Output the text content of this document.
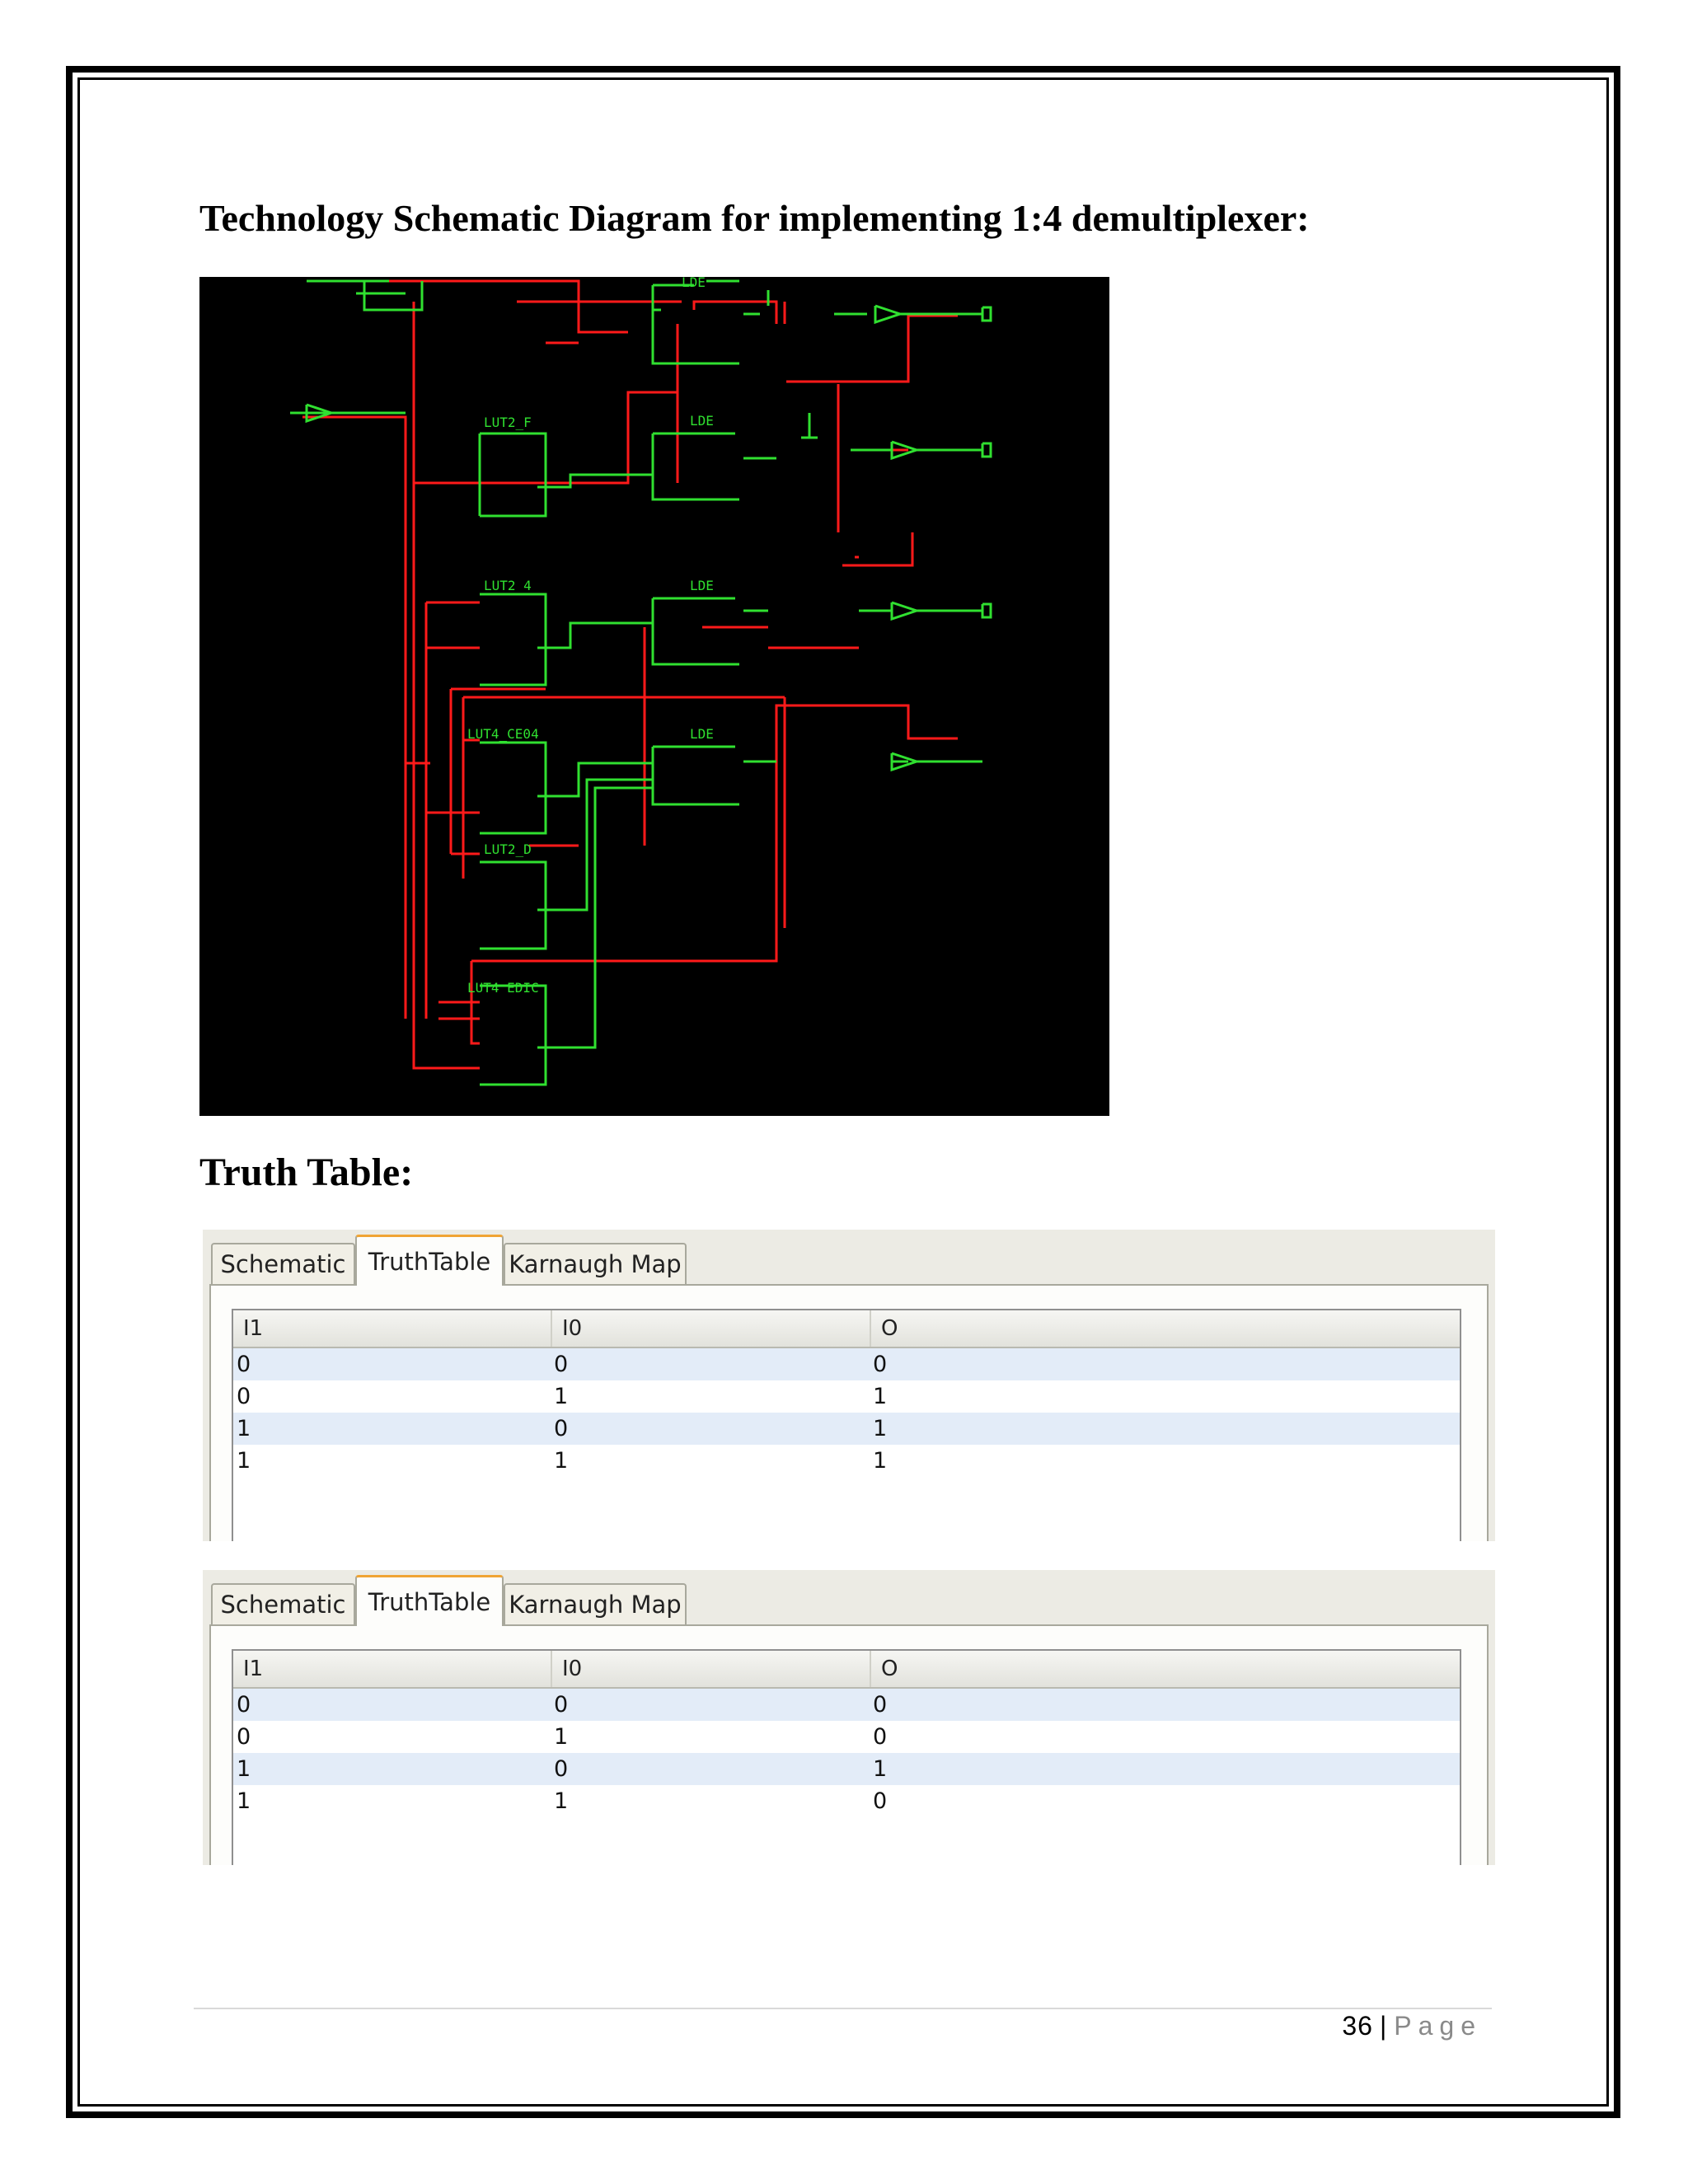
Technology Schematic Diagram for implementing 1:4 demultiplexer:
LDE
LUT2_F	LDE
LUT2 4	LDE
LUT4_CE04	LDE
LUT2_D
LUT4 EDIC
Truth Table:
Schematic TruthTable Karnaugh Map
I1	I0	O
0	0	0
0	1	1
1	0	1
1	1	1
Schematic TruthTable Karnaugh Map
I1	I0	O
0	0	0
0	1	0
1	0	1
1	1	0
36 | Page
